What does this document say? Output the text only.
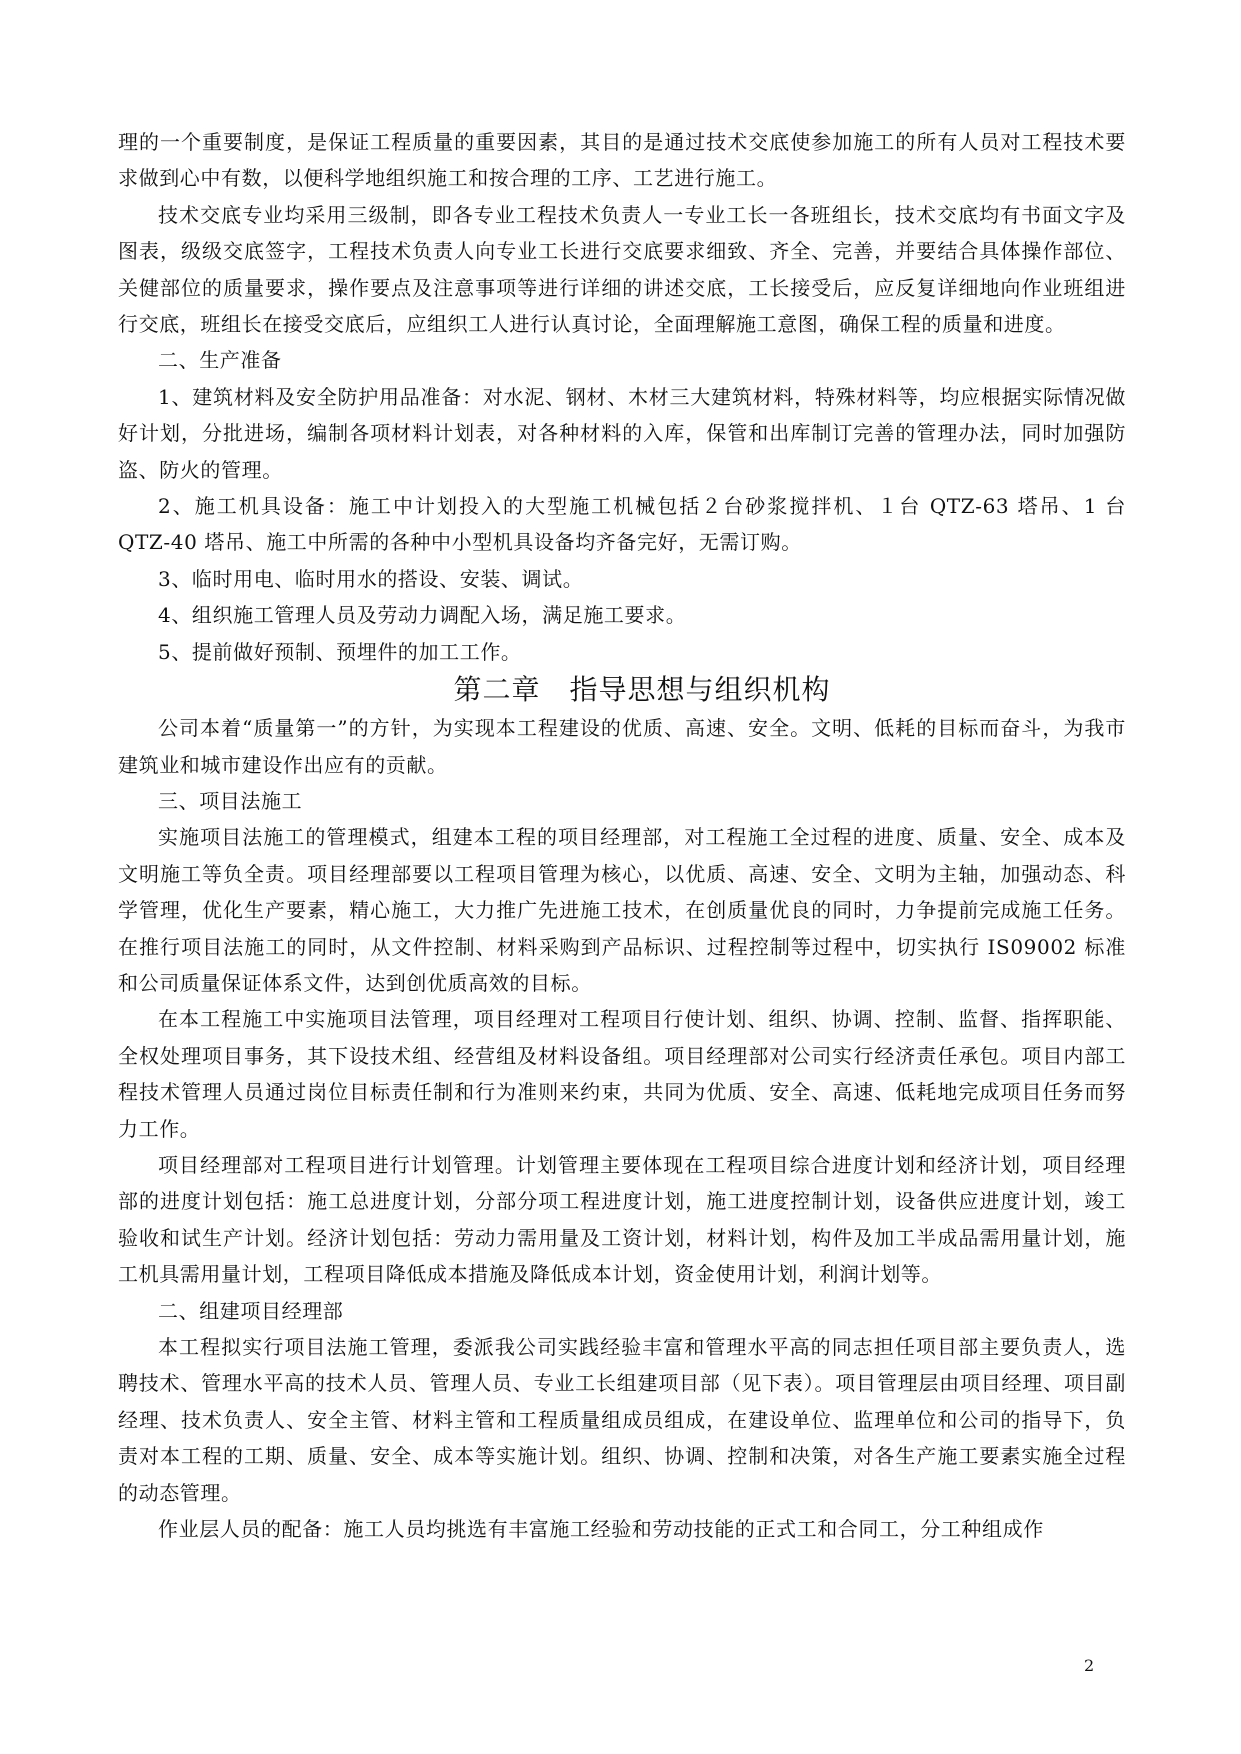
理的一个重要制度，是保证工程质量的重要因素，其目的是通过技术交底使参加施工的所有人员对工程技术要求做到心中有数，以便科学地组织施工和按合理的工序、工艺进行施工。

技术交底专业均采用三级制，即各专业工程技术负责人一专业工长一各班组长，技术交底均有书面文字及图表，级级交底签字，工程技术负责人向专业工长进行交底要求细致、齐全、完善，并要结合具体操作部位、关健部位的质量要求，操作要点及注意事项等进行详细的讲述交底，工长接受后，应反复详细地向作业班组进行交底，班组长在接受交底后，应组织工人进行认真讨论，全面理解施工意图，确保工程的质量和进度。

二、生产准备

1、建筑材料及安全防护用品准备：对水泥、钢材、木材三大建筑材料，特殊材料等，均应根据实际情况做好计划，分批进场，编制各项材料计划表，对各种材料的入库，保管和出库制订完善的管理办法，同时加强防盗、防火的管理。

2、施工机具设备：施工中计划投入的大型施工机械包括２台砂浆搅拌机、１台 QTZ-63 塔吊、1 台 QTZ-40 塔吊、施工中所需的各种中小型机具设备均齐备完好，无需订购。

3、临时用电、临时用水的搭设、安装、调试。

4、组织施工管理人员及劳动力调配入场，满足施工要求。

5、提前做好预制、预埋件的加工工作。

第二章　指导思想与组织机构

公司本着“质量第一”的方针，为实现本工程建设的优质、高速、安全。文明、低耗的目标而奋斗，为我市建筑业和城市建设作出应有的贡献。

三、项目法施工

实施项目法施工的管理模式，组建本工程的项目经理部，对工程施工全过程的进度、质量、安全、成本及文明施工等负全责。项目经理部要以工程项目管理为核心，以优质、高速、安全、文明为主轴，加强动态、科学管理，优化生产要素，精心施工，大力推广先进施工技术，在创质量优良的同时，力争提前完成施工任务。在推行项目法施工的同时，从文件控制、材料采购到产品标识、过程控制等过程中，切实执行 IS09002 标准和公司质量保证体系文件，达到创优质高效的目标。

在本工程施工中实施项目法管理，项目经理对工程项目行使计划、组织、协调、控制、监督、指挥职能、全权处理项目事务，其下设技术组、经营组及材料设备组。项目经理部对公司实行经济责任承包。项目内部工程技术管理人员通过岗位目标责任制和行为准则来约束，共同为优质、安全、高速、低耗地完成项目任务而努力工作。

项目经理部对工程项目进行计划管理。计划管理主要体现在工程项目综合进度计划和经济计划，项目经理部的进度计划包括：施工总进度计划，分部分项工程进度计划，施工进度控制计划，设备供应进度计划，竣工验收和试生产计划。经济计划包括：劳动力需用量及工资计划，材料计划，构件及加工半成品需用量计划，施工机具需用量计划，工程项目降低成本措施及降低成本计划，资金使用计划，利润计划等。

二、组建项目经理部

本工程拟实行项目法施工管理，委派我公司实践经验丰富和管理水平高的同志担任项目部主要负责人，选聘技术、管理水平高的技术人员、管理人员、专业工长组建项目部（见下表）。项目管理层由项目经理、项目副经理、技术负责人、安全主管、材料主管和工程质量组成员组成，在建设单位、监理单位和公司的指导下，负责对本工程的工期、质量、安全、成本等实施计划。组织、协调、控制和决策，对各生产施工要素实施全过程的动态管理。

作业层人员的配备：施工人员均挑选有丰富施工经验和劳动技能的正式工和合同工，分工种组成作

2
